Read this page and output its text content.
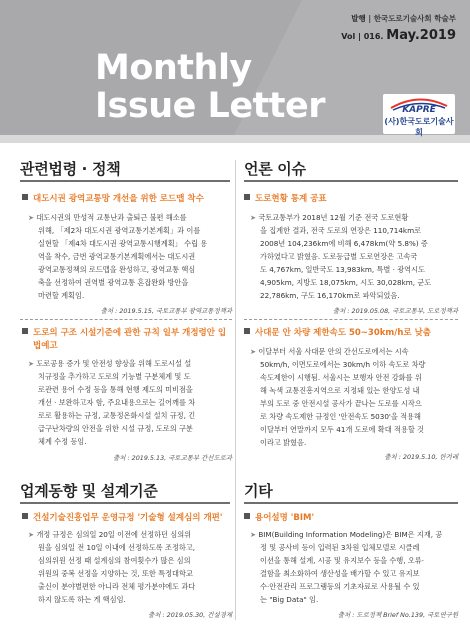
발행 | 한국도로기술사회 학술부
Vol | 016. May.2019
Monthly
Issue Letter	KAPRE
(사)한국도로기술사회
관련법령 · 정책
대도시권 광역교통망 개선을 위한 로드맵 착수
➤ 대도시권의 만성적 교통난과 출퇴근 불편 해소를
위해, 「제2차 대도시권 광역교통기본계획」과 이를
실현할 「제4차 대도시권 광역교통시행계획」 수립 용
역을 착수, 금번 광역교통기본계획에서는 대도시권
광역교통정책의 로드맵을 완성하고, 광역교통 핵심
축을 선정하여 권역별 광역교통 혼잡완화 방안을
마련할 계획임.
출처 : 2019.5.15, 국토교통부 광역교통정책과
도로의 구조 시설기준에 관한 규칙 일부 개정령안 입
법예고
➤ 도로공용 증가 및 안전성 향상을 위해 도로시설 설
치규정을 추가하고 도로의 기능별 구분체계 및 도
로관련 용어 수정 등을 통해 현행 제도의 미비점을
개선 · 보완하고자 함, 주요내용으로는 길어깨를 차
로로 활용하는 규정, 교통정온화시설 설치 규정, 긴
급구난차량의 안전을 위한 시설 규정, 도로의 구분
체계 수정 등임.
출처 : 2019.5.13, 국토교통부 간선도로과
업계동향 및 설계기준
건설기술진흥업무 운영규정 '기술형 설계심의 개편'
➤ 개정 규정은 심의일 20일 이전에 선정하던 심의위
원을 심의일 전 10일 이내에 선정하도록 조정하고,
심의위원 선정 때 설계심의 참여횟수가 많은 심의
위원의 중복 선정을 지양하는 것, 또한 특정대학교
출신이 분야별편한 아니라 전체 평가분야에도 과다
하지 않도록 하는 게 핵심임.
출처 : 2019.05.30, 건설경제
언론 이슈
도로현황 통계 공표
➤ 국토교통부가 2018년 12월 기준 전국 도로현황
을 집계한 결과, 전국 도로의 연장은 110,714km로
2008년 104,236km에 비해 6,478km(약 5.8%) 증
가하였다고 밝혔음. 도로등급별 도로연장은 고속국
도 4,767km, 일반국도 13,983km, 특별 · 광역시도
4,905km, 지방도 18,075km, 시도 30,028km, 군도
22,786km, 구도 16,170km로 파악되었음.
출처 : 2019.05.08, 국토교통부, 도로정책과
사대문 안 차량 제한속도 50~30km/h로 낮춤
➤ 이달부터 서울 사대문 안의 간선도로에서는 시속
50km/h, 이면도로에서는 30km/h 이하 속도로 차량
속도제한이 시행됨. 서울시는 보행자 안전 강화를 위
해 녹색 교통진흥지역으로 지정돼 있는 한양도성 내
부의 도로 중 안전시설 공사가 끝나는 도로를 시작으
로 차량 속도제한 규정인 '안전속도 5030'을 적용해
이달부터 연말까지 모두 41개 도로에 확대 적용할 것
이라고 밝혔음.
출처 : 2019.5.10, 한겨레
기타
용어설명 'BIM'
➤ BIM(Building Information Modeling)은 BIM은 지재, 공
정 및 공사비 등이 입력된 3차원 입체모델로 시클레
이션을 통해 설계, 시공 및 유지보수 등을 수행, 오류·
결함을 최소화하여 생산성을 배가할 수 있고 유지보
수·안전관리 프로그램등의 기초자료로 사용될 수 있
는 "Big Data" 임.
출처 : 도로정책 Brief No.139, 국토연구원
